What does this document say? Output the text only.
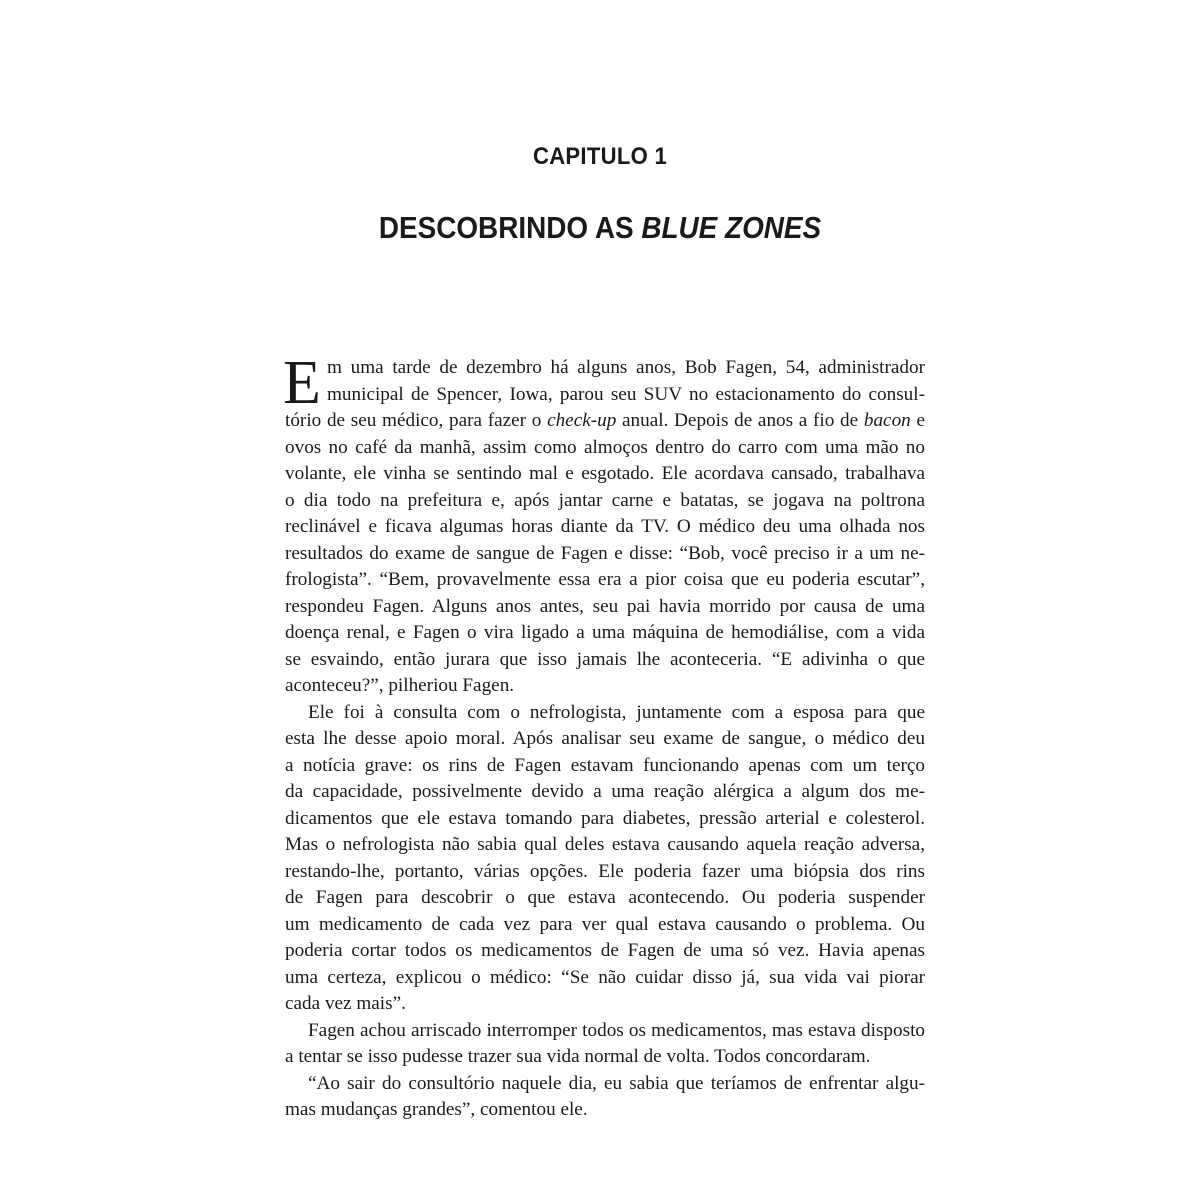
CAPITULO 1
DESCOBRINDO AS BLUE ZONES
E m uma tarde de dezembro há alguns anos, Bob Fagen, 54, administrador
municipal de Spencer, Iowa, parou seu SUV no estacionamento do consul-
tório de seu médico, para fazer o check-up anual. Depois de anos a fio de bacon e
ovos no café da manhã, assim como almoços dentro do carro com uma mão no
volante, ele vinha se sentindo mal e esgotado. Ele acordava cansado, trabalhava
o dia todo na prefeitura e, após jantar carne e batatas, se jogava na poltrona
reclinável e ficava algumas horas diante da TV. O médico deu uma olhada nos
resultados do exame de sangue de Fagen e disse: “Bob, você preciso ir a um ne-
frologista”. “Bem, provavelmente essa era a pior coisa que eu poderia escutar”,
respondeu Fagen. Alguns anos antes, seu pai havia morrido por causa de uma
doença renal, e Fagen o vira ligado a uma máquina de hemodiálise, com a vida
se esvaindo, então jurara que isso jamais lhe aconteceria. “E adivinha o que
aconteceu?”, pilheriou Fagen.
Ele foi à consulta com o nefrologista, juntamente com a esposa para que
esta lhe desse apoio moral. Após analisar seu exame de sangue, o médico deu
a notícia grave: os rins de Fagen estavam funcionando apenas com um terço
da capacidade, possivelmente devido a uma reação alérgica a algum dos me-
dicamentos que ele estava tomando para diabetes, pressão arterial e colesterol.
Mas o nefrologista não sabia qual deles estava causando aquela reação adversa,
restando-lhe, portanto, várias opções. Ele poderia fazer uma biópsia dos rins
de Fagen para descobrir o que estava acontecendo. Ou poderia suspender
um medicamento de cada vez para ver qual estava causando o problema. Ou
poderia cortar todos os medicamentos de Fagen de uma só vez. Havia apenas
uma certeza, explicou o médico: “Se não cuidar disso já, sua vida vai piorar
cada vez mais”.
Fagen achou arriscado interromper todos os medicamentos, mas estava disposto
a tentar se isso pudesse trazer sua vida normal de volta. Todos concordaram.
“Ao sair do consultório naquele dia, eu sabia que teríamos de enfrentar algu-
mas mudanças grandes”, comentou ele.
